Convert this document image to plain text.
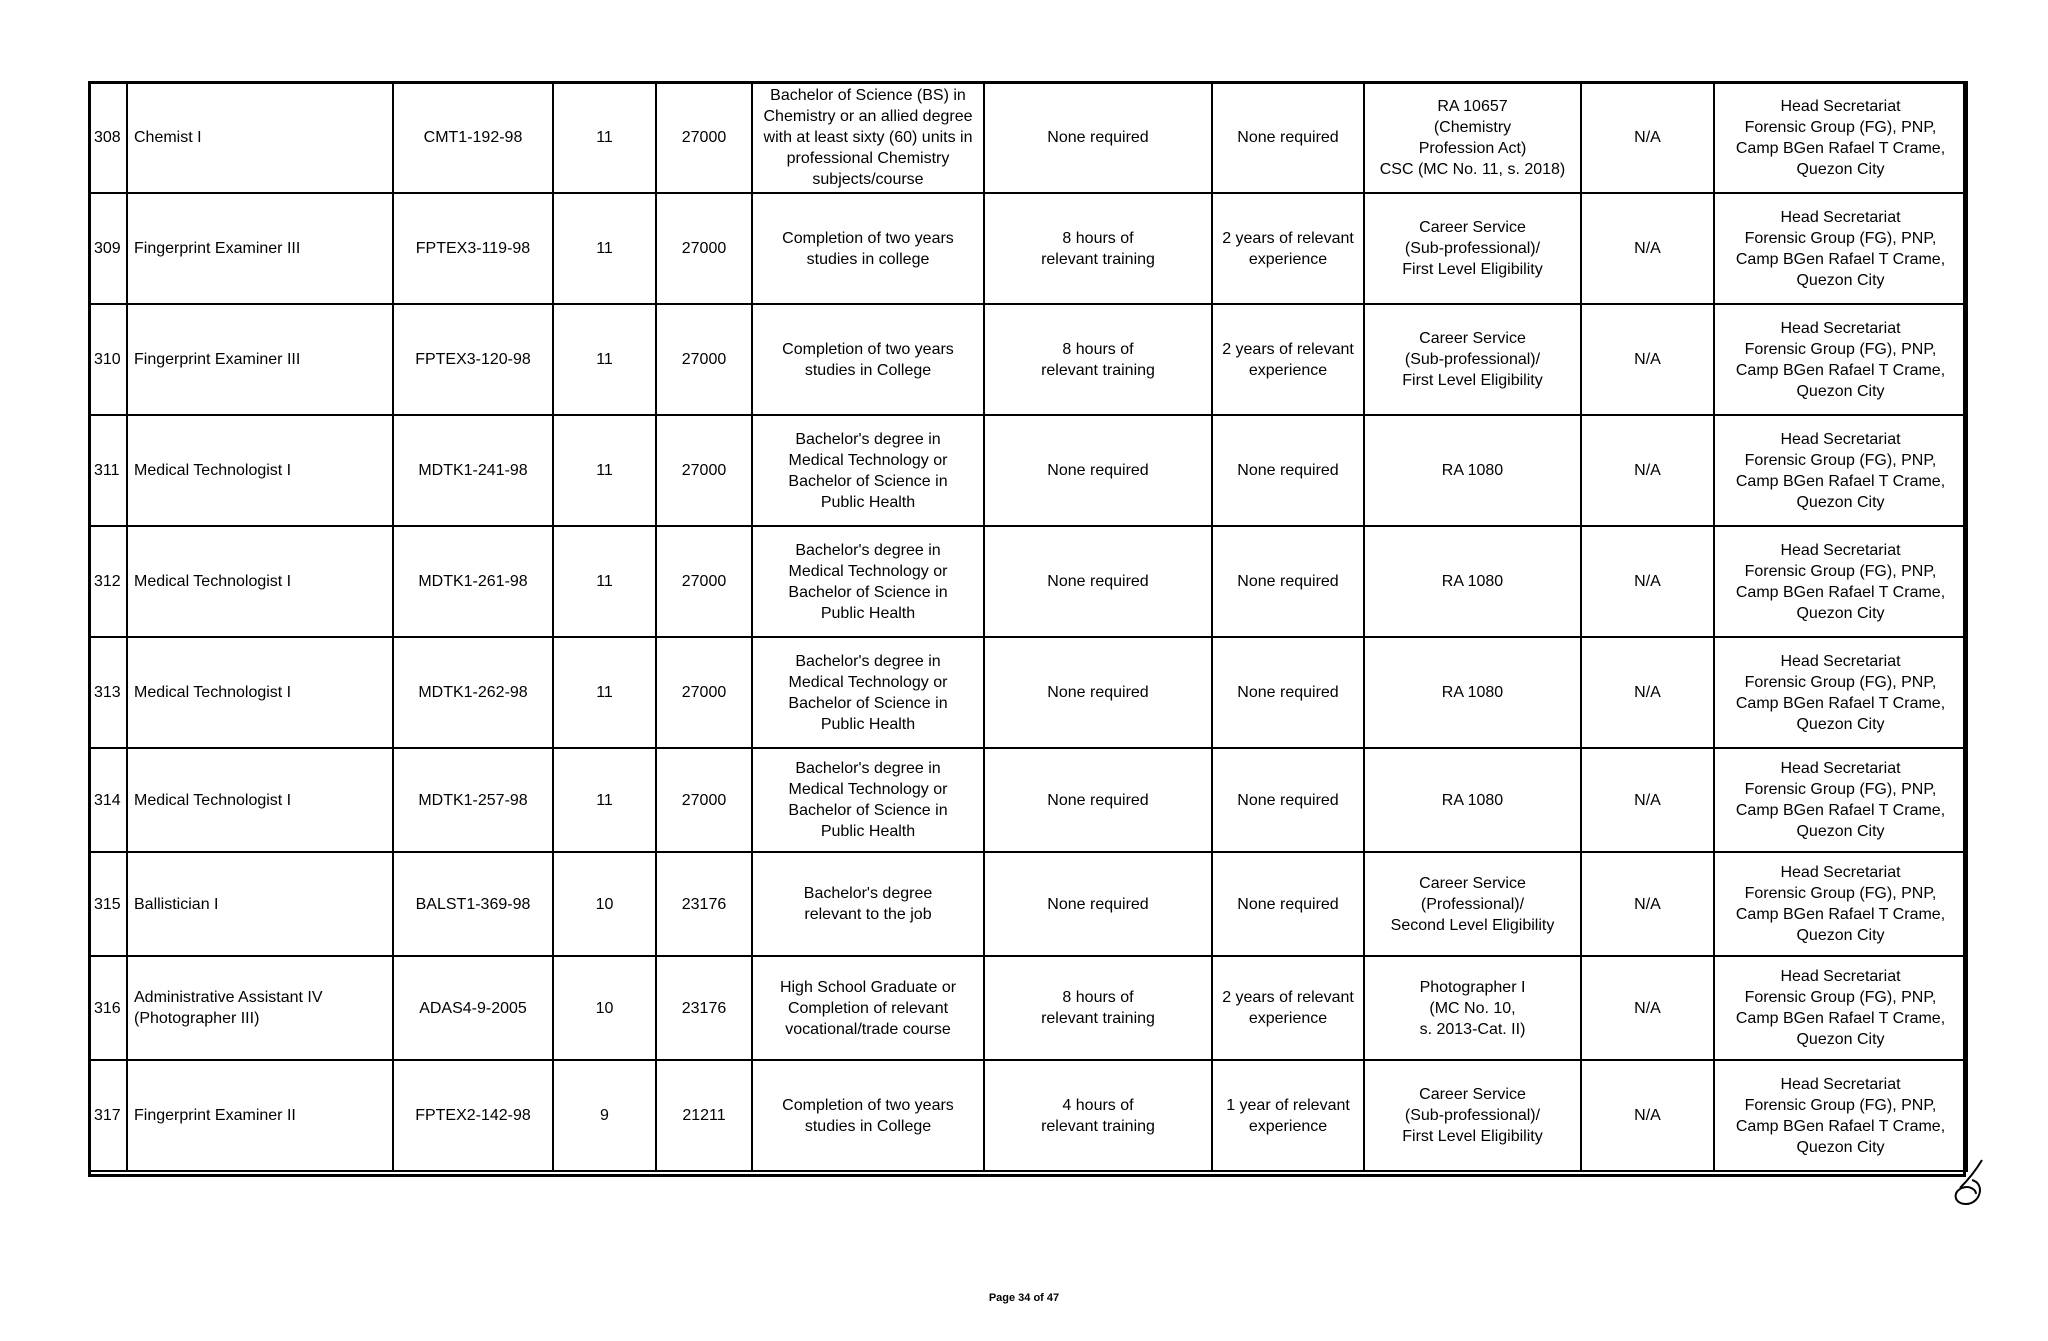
308	Chemist I	CMT1-192-98	11	27000	Bachelor of Science (BS) in
Chemistry or an allied degree
with at least sixty (60) units in
professional Chemistry
subjects/course	None required	None required	RA 10657
(Chemistry
Profession Act)
CSC (MC No. 11, s. 2018)	N/A	Head Secretariat
Forensic Group (FG), PNP,
Camp BGen Rafael T Crame,
Quezon City
309	Fingerprint Examiner III	FPTEX3-119-98	11	27000	Completion of two years
studies in college	8 hours of
relevant training	2 years of relevant
experience	Career Service
(Sub-professional)/
First Level Eligibility	N/A	Head Secretariat
Forensic Group (FG), PNP,
Camp BGen Rafael T Crame,
Quezon City
310	Fingerprint Examiner III	FPTEX3-120-98	11	27000	Completion of two years
studies in College	8 hours of
relevant training	2 years of relevant
experience	Career Service
(Sub-professional)/
First Level Eligibility	N/A	Head Secretariat
Forensic Group (FG), PNP,
Camp BGen Rafael T Crame,
Quezon City
311	Medical Technologist I	MDTK1-241-98	11	27000	Bachelor's degree in
Medical Technology or
Bachelor of Science in
Public Health	None required	None required	RA 1080	N/A	Head Secretariat
Forensic Group (FG), PNP,
Camp BGen Rafael T Crame,
Quezon City
312	Medical Technologist I	MDTK1-261-98	11	27000	Bachelor's degree in
Medical Technology or
Bachelor of Science in
Public Health	None required	None required	RA 1080	N/A	Head Secretariat
Forensic Group (FG), PNP,
Camp BGen Rafael T Crame,
Quezon City
313	Medical Technologist I	MDTK1-262-98	11	27000	Bachelor's degree in
Medical Technology or
Bachelor of Science in
Public Health	None required	None required	RA 1080	N/A	Head Secretariat
Forensic Group (FG), PNP,
Camp BGen Rafael T Crame,
Quezon City
314	Medical Technologist I	MDTK1-257-98	11	27000	Bachelor's degree in
Medical Technology or
Bachelor of Science in
Public Health	None required	None required	RA 1080	N/A	Head Secretariat
Forensic Group (FG), PNP,
Camp BGen Rafael T Crame,
Quezon City
315	Ballistician I	BALST1-369-98	10	23176	Bachelor's degree
relevant to the job	None required	None required	Career Service
(Professional)/
Second Level Eligibility	N/A	Head Secretariat
Forensic Group (FG), PNP,
Camp BGen Rafael T Crame,
Quezon City
316	Administrative Assistant IV
(Photographer III)	ADAS4-9-2005	10	23176	High School Graduate or
Completion of relevant
vocational/trade course	8 hours of
relevant training	2 years of relevant
experience	Photographer I
(MC No. 10,
s. 2013-Cat. II)	N/A	Head Secretariat
Forensic Group (FG), PNP,
Camp BGen Rafael T Crame,
Quezon City
317	Fingerprint Examiner II	FPTEX2-142-98	9	21211	Completion of two years
studies in College	4 hours of
relevant training	1 year of relevant
experience	Career Service
(Sub-professional)/
First Level Eligibility	N/A	Head Secretariat
Forensic Group (FG), PNP,
Camp BGen Rafael T Crame,
Quezon City
Page 34 of 47
